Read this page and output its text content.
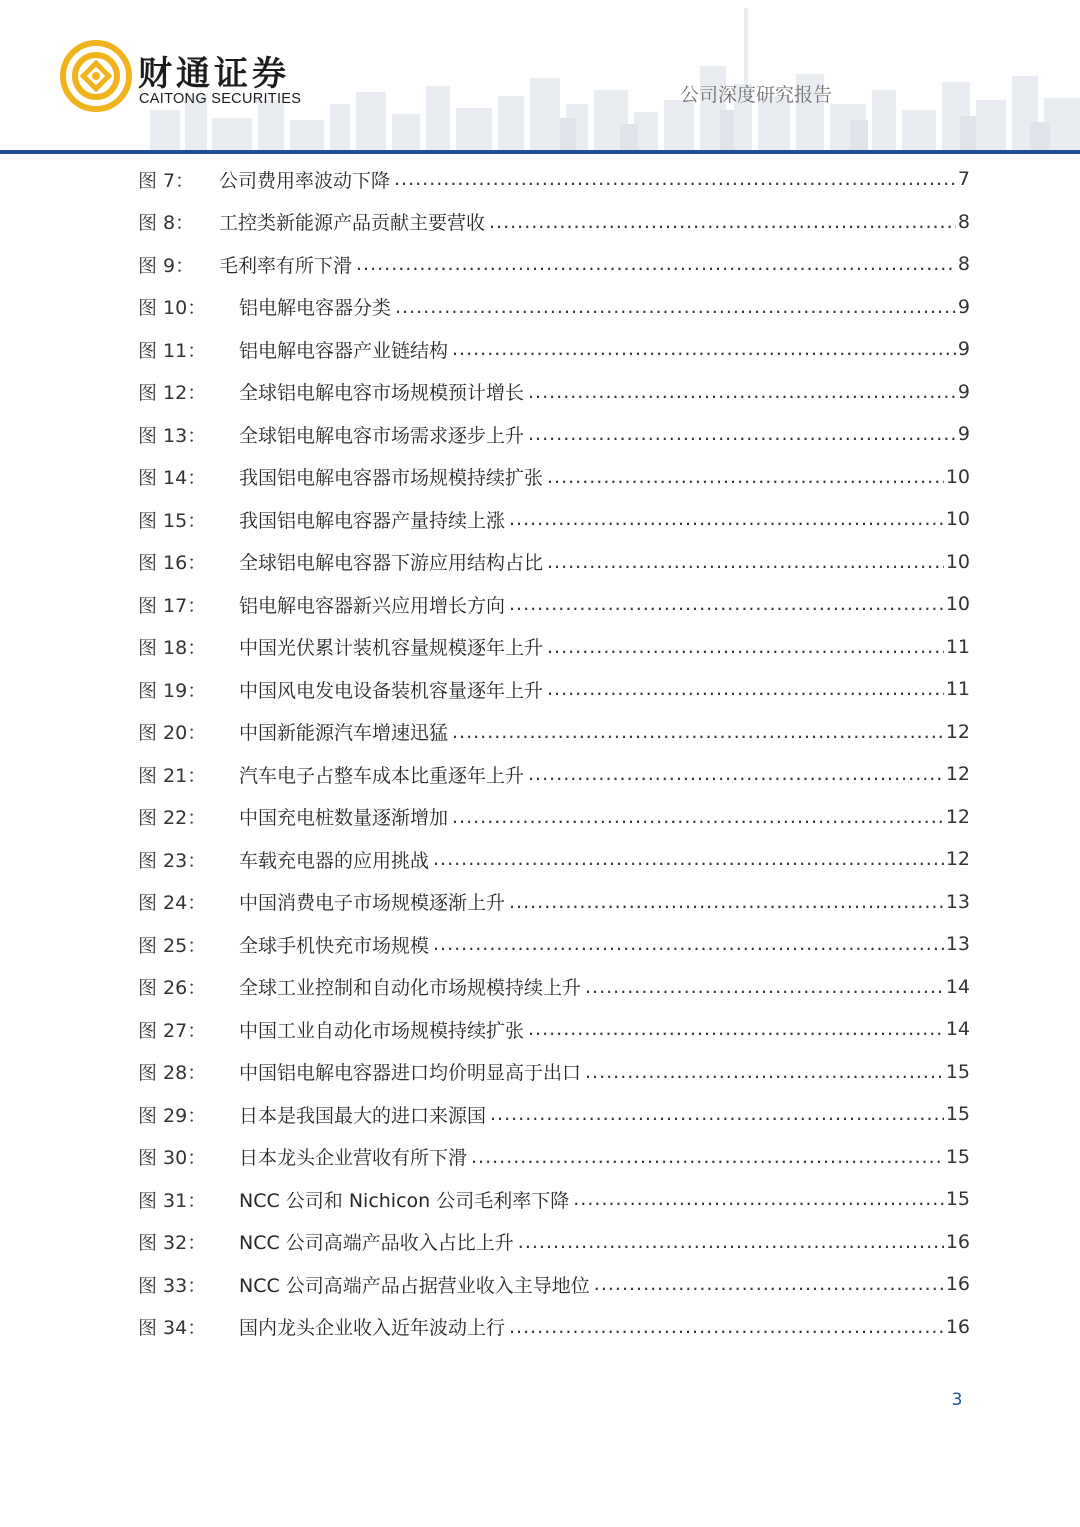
财通证券
CAITONG SECURITIES	公司深度研究报告
图 7：	公司费用率波动下降 .....	7
图 8：	工控类新能源产品贡献主要营收 .....	8
图 9：	毛利率有所下滑 .....	8
图 10：	铝电解电容器分类 .....	9
图 11：	铝电解电容器产业链结构 .....	9
图 12：	全球铝电解电容市场规模预计增长 .....	9
图 13：	全球铝电解电容市场需求逐步上升 .....	9
图 14：	我国铝电解电容器市场规模持续扩张 .....	10
图 15：	我国铝电解电容器产量持续上涨 .....	10
图 16：	全球铝电解电容器下游应用结构占比 .....	10
图 17：	铝电解电容器新兴应用增长方向 .....	10
图 18：	中国光伏累计装机容量规模逐年上升 .....	11
图 19：	中国风电发电设备装机容量逐年上升 .....	11
图 20：	中国新能源汽车增速迅猛 .....	12
图 21：	汽车电子占整车成本比重逐年上升 .....	12
图 22：	中国充电桩数量逐渐增加 .....	12
图 23：	车载充电器的应用挑战 .....	12
图 24：	中国消费电子市场规模逐渐上升 .....	13
图 25：	全球手机快充市场规模 .....	13
图 26：	全球工业控制和自动化市场规模持续上升 .....	14
图 27：	中国工业自动化市场规模持续扩张 .....	14
图 28：	中国铝电解电容器进口均价明显高于出口 .....	15
图 29：	日本是我国最大的进口来源国 .....	15
图 30：	日本龙头企业营收有所下滑 .....	15
图 31：	NCC 公司和 Nichicon 公司毛利率下降 .....	15
图 32：	NCC 公司高端产品收入占比上升 .....	16
图 33：	NCC 公司高端产品占据营业收入主导地位 .....	16
图 34：	国内龙头企业收入近年波动上行 .....	16
3
